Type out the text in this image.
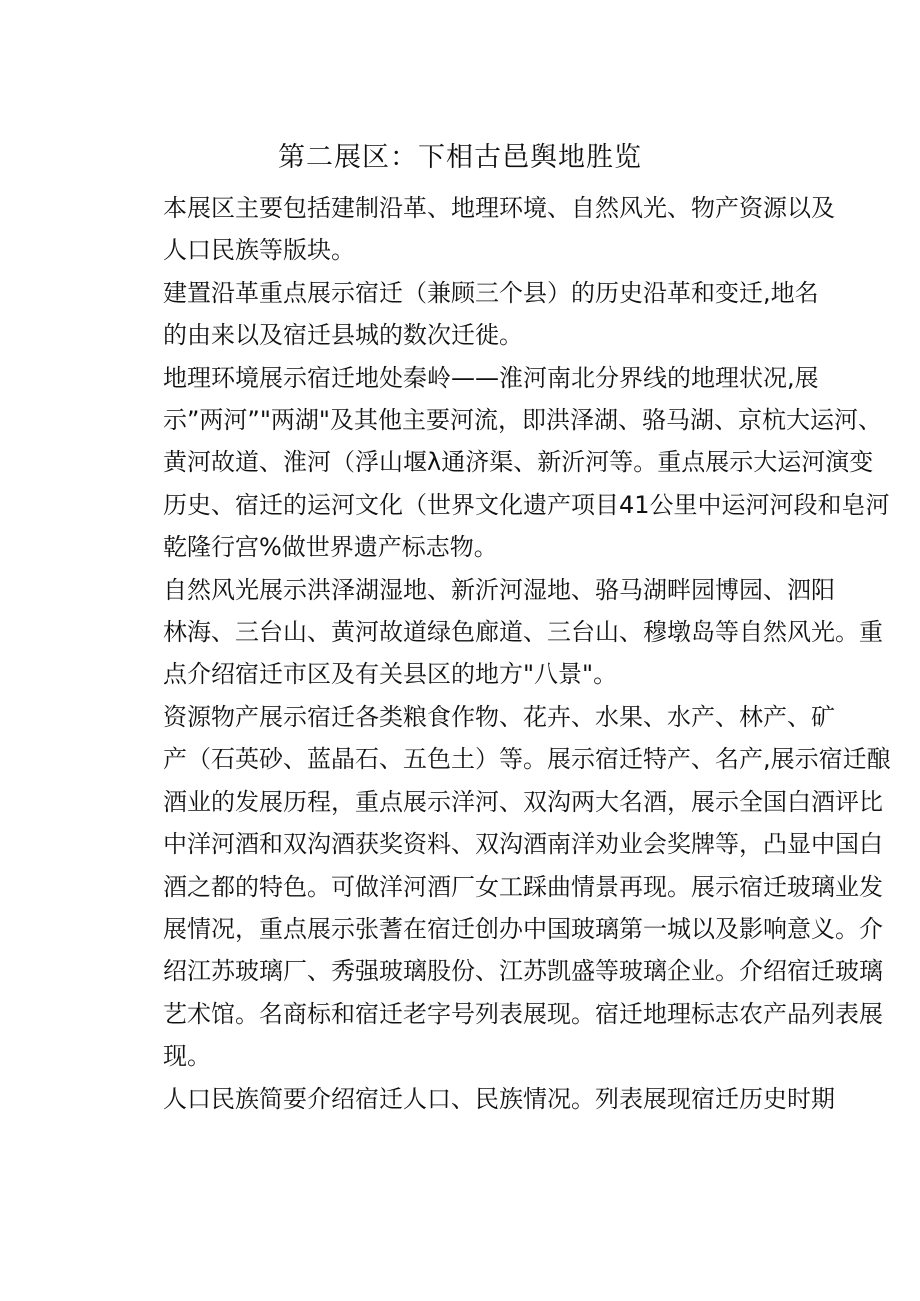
第二展区：下相古邑舆地胜览
本展区主要包括建制沿革、地理环境、自然风光、物产资源以及
人口民族等版块。
建置沿革重点展示宿迁（兼顾三个县）的历史沿革和变迁,地名
的由来以及宿迁县城的数次迁徙。
地理环境展示宿迁地处秦岭——淮河南北分界线的地理状况,展
示”两河”"两湖"及其他主要河流，即洪泽湖、骆马湖、京杭大运河、
黄河故道、淮河（浮山堰λ通济渠、新沂河等。重点展示大运河演变
历史、宿迁的运河文化（世界文化遗产项目41公里中运河河段和皂河
乾隆行宫%做世界遗产标志物。
自然风光展示洪泽湖湿地、新沂河湿地、骆马湖畔园博园、泗阳
林海、三台山、黄河故道绿色廊道、三台山、穆墩岛等自然风光。重
点介绍宿迁市区及有关县区的地方"八景"。
资源物产展示宿迁各类粮食作物、花卉、水果、水产、林产、矿
产（石英砂、蓝晶石、五色土）等。展示宿迁特产、名产,展示宿迁酿
酒业的发展历程，重点展示洋河、双沟两大名酒，展示全国白酒评比
中洋河酒和双沟酒获奖资料、双沟酒南洋劝业会奖牌等，凸显中国白
酒之都的特色。可做洋河酒厂女工踩曲情景再现。展示宿迁玻璃业发
展情况，重点展示张蓍在宿迁创办中国玻璃第一城以及影响意义。介
绍江苏玻璃厂、秀强玻璃股份、江苏凯盛等玻璃企业。介绍宿迁玻璃
艺术馆。名商标和宿迁老字号列表展现。宿迁地理标志农产品列表展
现。
人口民族简要介绍宿迁人口、民族情况。列表展现宿迁历史时期
